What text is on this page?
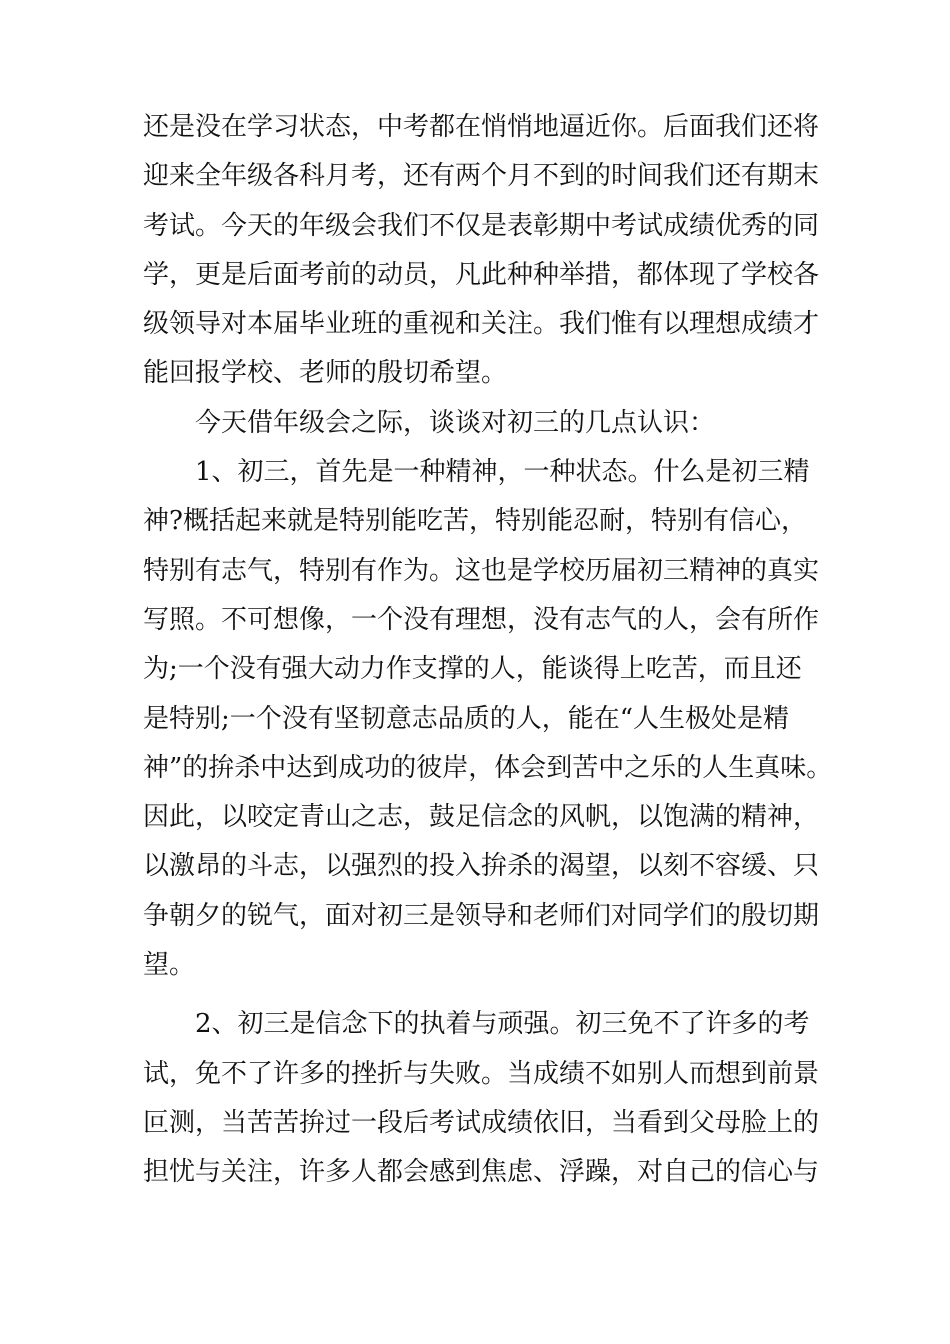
还是没在学习状态，中考都在悄悄地逼近你。后面我们还将
迎来全年级各科月考，还有两个月不到的时间我们还有期末
考试。今天的年级会我们不仅是表彰期中考试成绩优秀的同
学，更是后面考前的动员，凡此种种举措，都体现了学校各
级领导对本届毕业班的重视和关注。我们惟有以理想成绩才
能回报学校、老师的殷切希望。
　　今天借年级会之际，谈谈对初三的几点认识：
　　1、初三，首先是一种精神，一种状态。什么是初三精
神?概括起来就是特别能吃苦，特别能忍耐，特别有信心，
特别有志气，特别有作为。这也是学校历届初三精神的真实
写照。不可想像，一个没有理想，没有志气的人，会有所作
为;一个没有强大动力作支撑的人，能谈得上吃苦，而且还
是特别;一个没有坚韧意志品质的人，能在“人生极处是精
神”的拚杀中达到成功的彼岸，体会到苦中之乐的人生真味。
因此，以咬定青山之志，鼓足信念的风帆，以饱满的精神，
以激昂的斗志，以强烈的投入拚杀的渴望，以刻不容缓、只
争朝夕的锐气，面对初三是领导和老师们对同学们的殷切期
望。
　　2、初三是信念下的执着与顽强。初三免不了许多的考
试，免不了许多的挫折与失败。当成绩不如别人而想到前景
叵测，当苦苦拚过一段后考试成绩依旧，当看到父母脸上的
担忧与关注，许多人都会感到焦虑、浮躁，对自己的信心与
